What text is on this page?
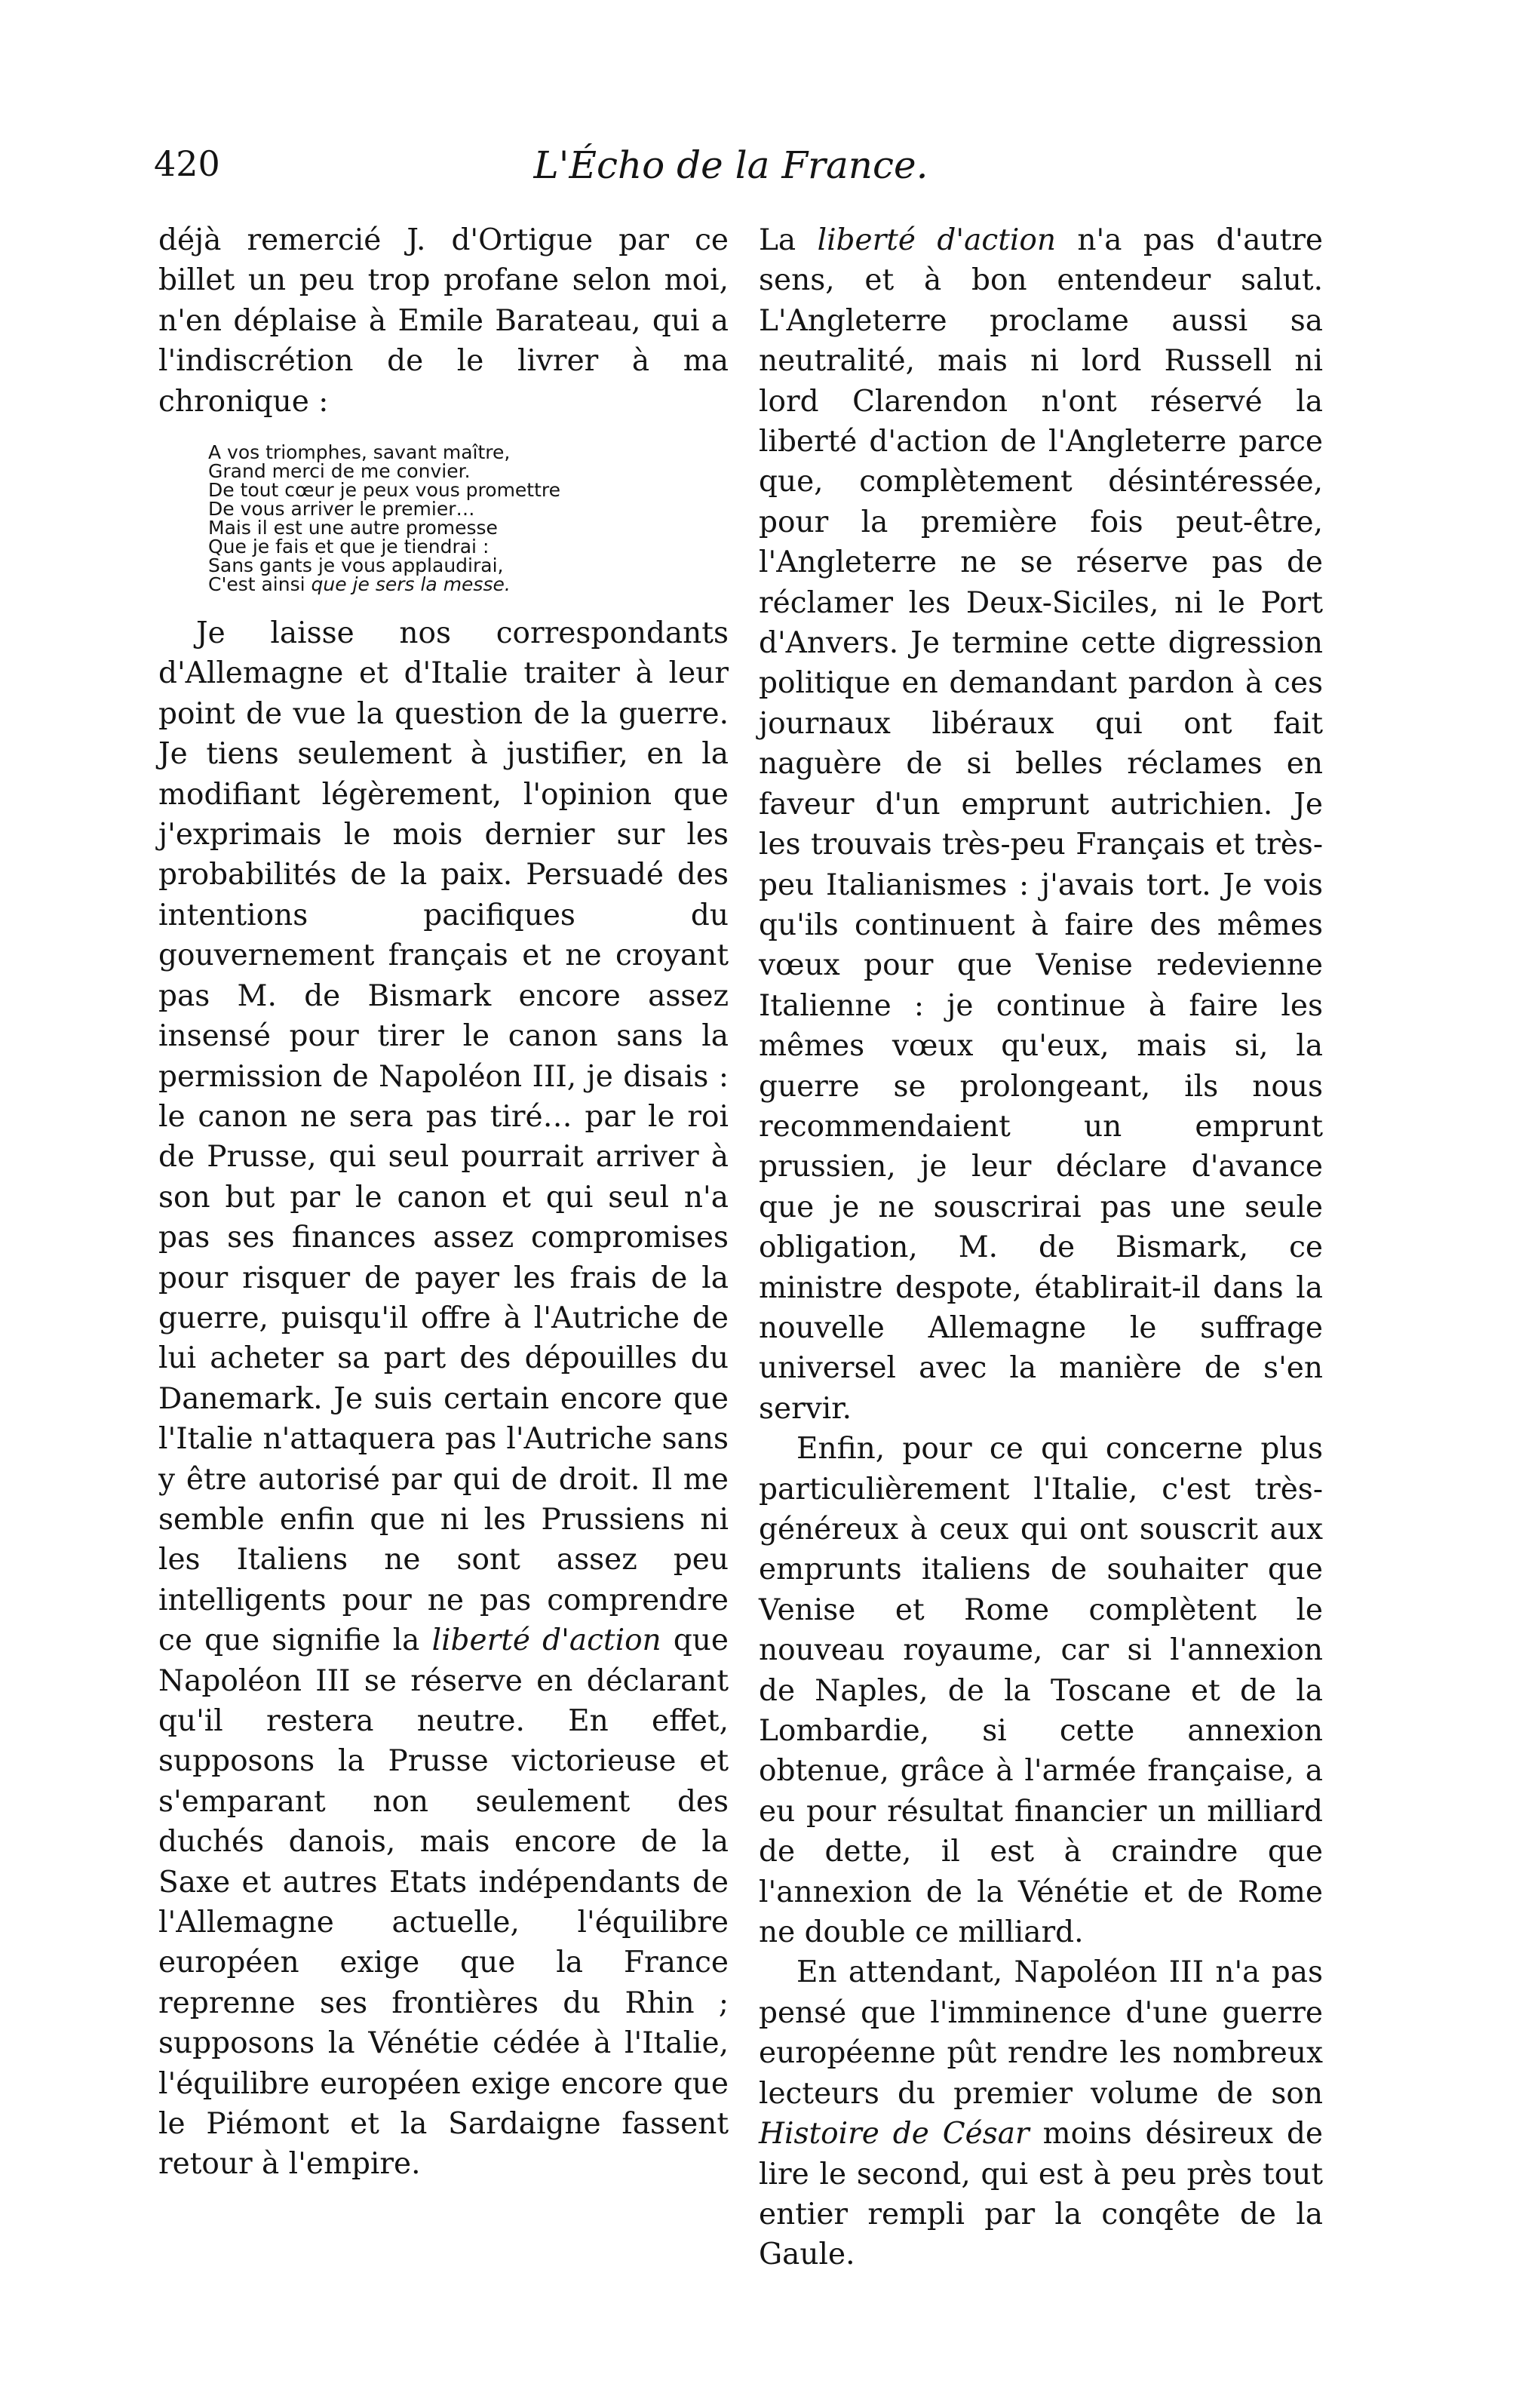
420	L'Écho de la France.

déjà remercié J. d'Ortigue par ce billet un peu trop profane selon moi, n'en déplaise à Emile Barateau, qui a l'indiscrétion de le livrer à ma chronique :

A vos triomphes, savant maître,
Grand merci de me convier.
De tout cœur je peux vous promettre
De vous arriver le premier…
Mais il est une autre promesse
Que je fais et que je tiendrai :
Sans gants je vous applaudirai,
C'est ainsi que je sers la messe.

Je laisse nos correspondants d'Allemagne et d'Italie traiter à leur point de vue la question de la guerre. Je tiens seulement à justifier, en la modifiant légèrement, l'opinion que j'exprimais le mois dernier sur les probabilités de la paix. Persuadé des intentions pacifiques du gouvernement français et ne croyant pas M. de Bismark encore assez insensé pour tirer le canon sans la permission de Napoléon III, je disais : le canon ne sera pas tiré… par le roi de Prusse, qui seul pourrait arriver à son but par le canon et qui seul n'a pas ses finances assez compromises pour risquer de payer les frais de la guerre, puisqu'il offre à l'Autriche de lui acheter sa part des dépouilles du Danemark. Je suis certain encore que l'Italie n'attaquera pas l'Autriche sans y être autorisé par qui de droit. Il me semble enfin que ni les Prussiens ni les Italiens ne sont assez peu intelligents pour ne pas comprendre ce que signifie la liberté d'action que Napoléon III se réserve en déclarant qu'il restera neutre. En effet, supposons la Prusse victorieuse et s'emparant non seulement des duchés danois, mais encore de la Saxe et autres Etats indépendants de l'Allemagne actuelle, l'équilibre européen exige que la France reprenne ses frontières du Rhin ; supposons la Vénétie cédée à l'Italie, l'équilibre européen exige encore que le Piémont et la Sardaigne fassent retour à l'empire.

La liberté d'action n'a pas d'autre sens, et à bon entendeur salut. L'Angleterre proclame aussi sa neutralité, mais ni lord Russell ni lord Clarendon n'ont réservé la liberté d'action de l'Angleterre parce que, complètement désintéressée, pour la première fois peut-être, l'Angleterre ne se réserve pas de réclamer les Deux-Siciles, ni le Port d'Anvers. Je termine cette digression politique en demandant pardon à ces journaux libéraux qui ont fait naguère de si belles réclames en faveur d'un emprunt autrichien. Je les trouvais très-peu Français et très-peu Italianismes : j'avais tort. Je vois qu'ils continuent à faire des mêmes vœux pour que Venise redevienne Italienne : je continue à faire les mêmes vœux qu'eux, mais si, la guerre se prolongeant, ils nous recommendaient un emprunt prussien, je leur déclare d'avance que je ne souscrirai pas une seule obligation, M. de Bismark, ce ministre despote, établirait-il dans la nouvelle Allemagne le suffrage universel avec la manière de s'en servir.

Enfin, pour ce qui concerne plus particulièrement l'Italie, c'est très-généreux à ceux qui ont souscrit aux emprunts italiens de souhaiter que Venise et Rome complètent le nouveau royaume, car si l'annexion de Naples, de la Toscane et de la Lombardie, si cette annexion obtenue, grâce à l'armée française, a eu pour résultat financier un milliard de dette, il est à craindre que l'annexion de la Vénétie et de Rome ne double ce milliard.

En attendant, Napoléon III n'a pas pensé que l'imminence d'une guerre européenne pût rendre les nombreux lecteurs du premier volume de son Histoire de César moins désireux de lire le second, qui est à peu près tout entier rempli par la conqête de la Gaule.
